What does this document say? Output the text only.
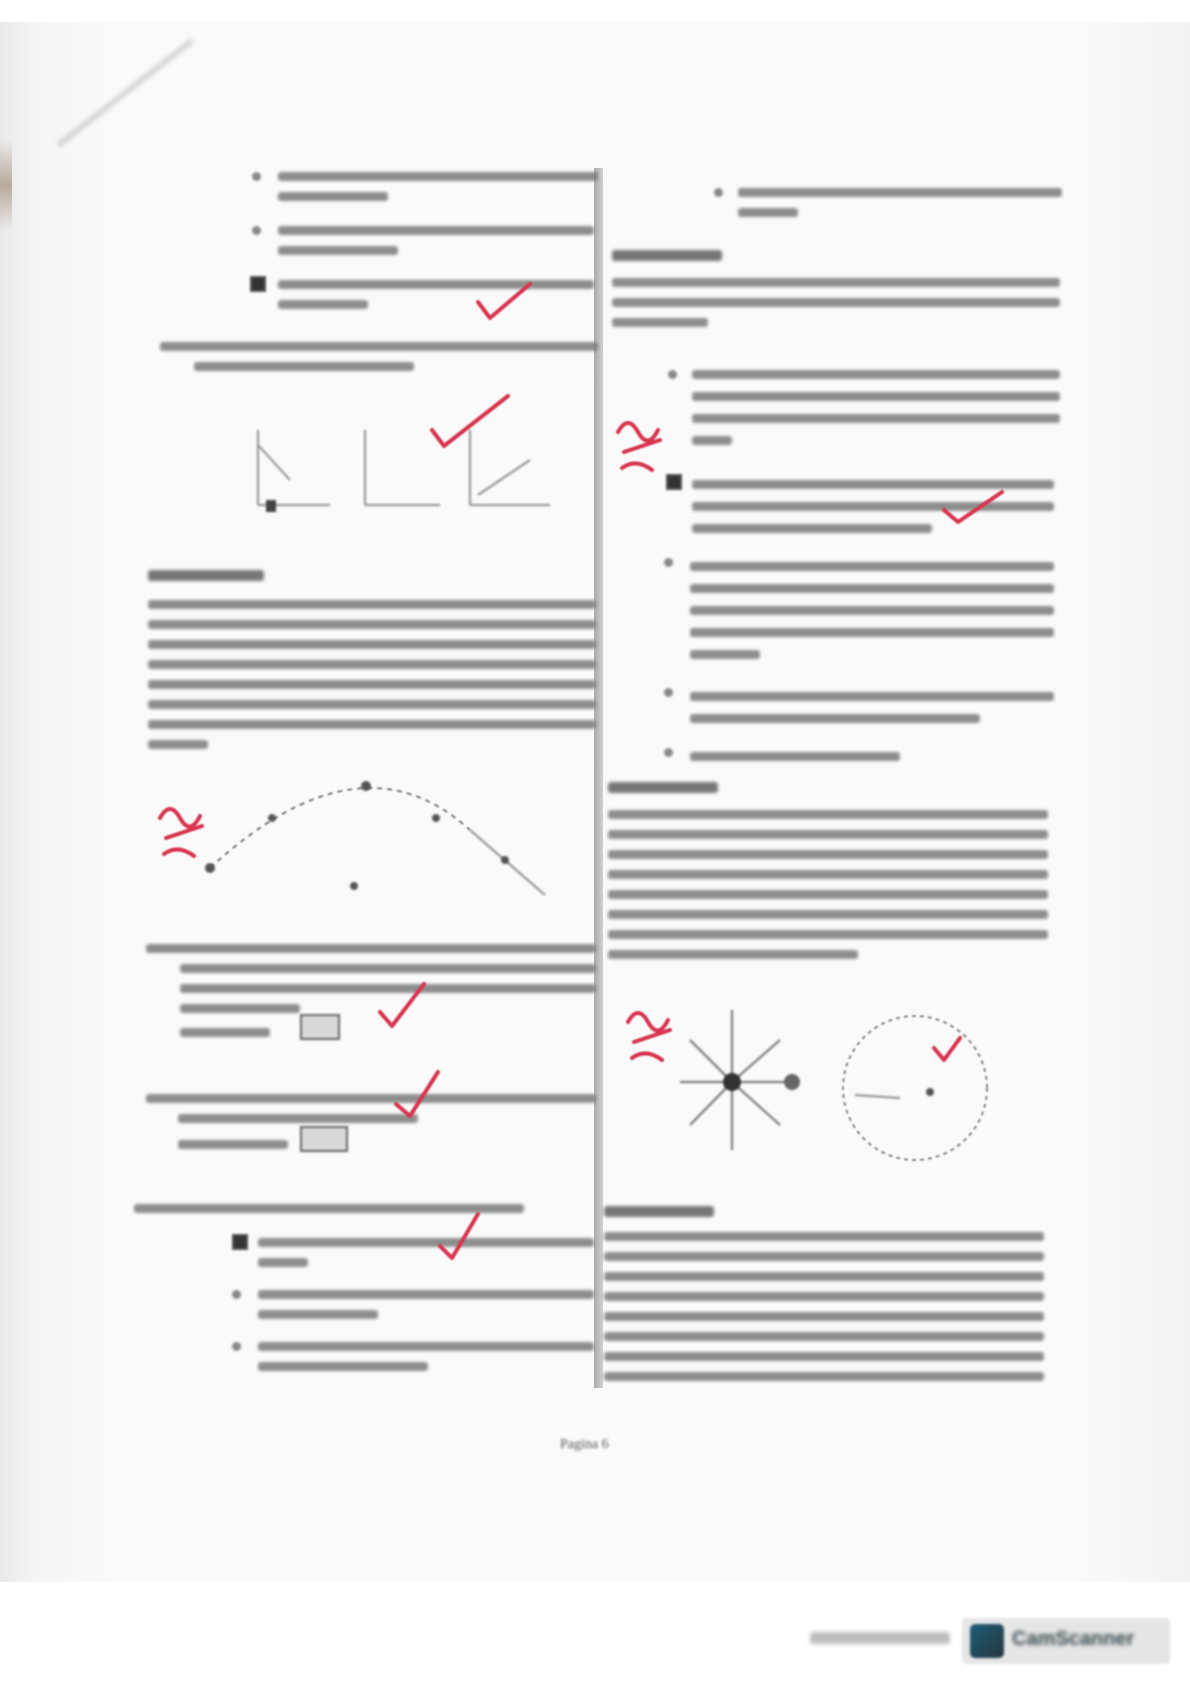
Pagina 6
CamScanner
